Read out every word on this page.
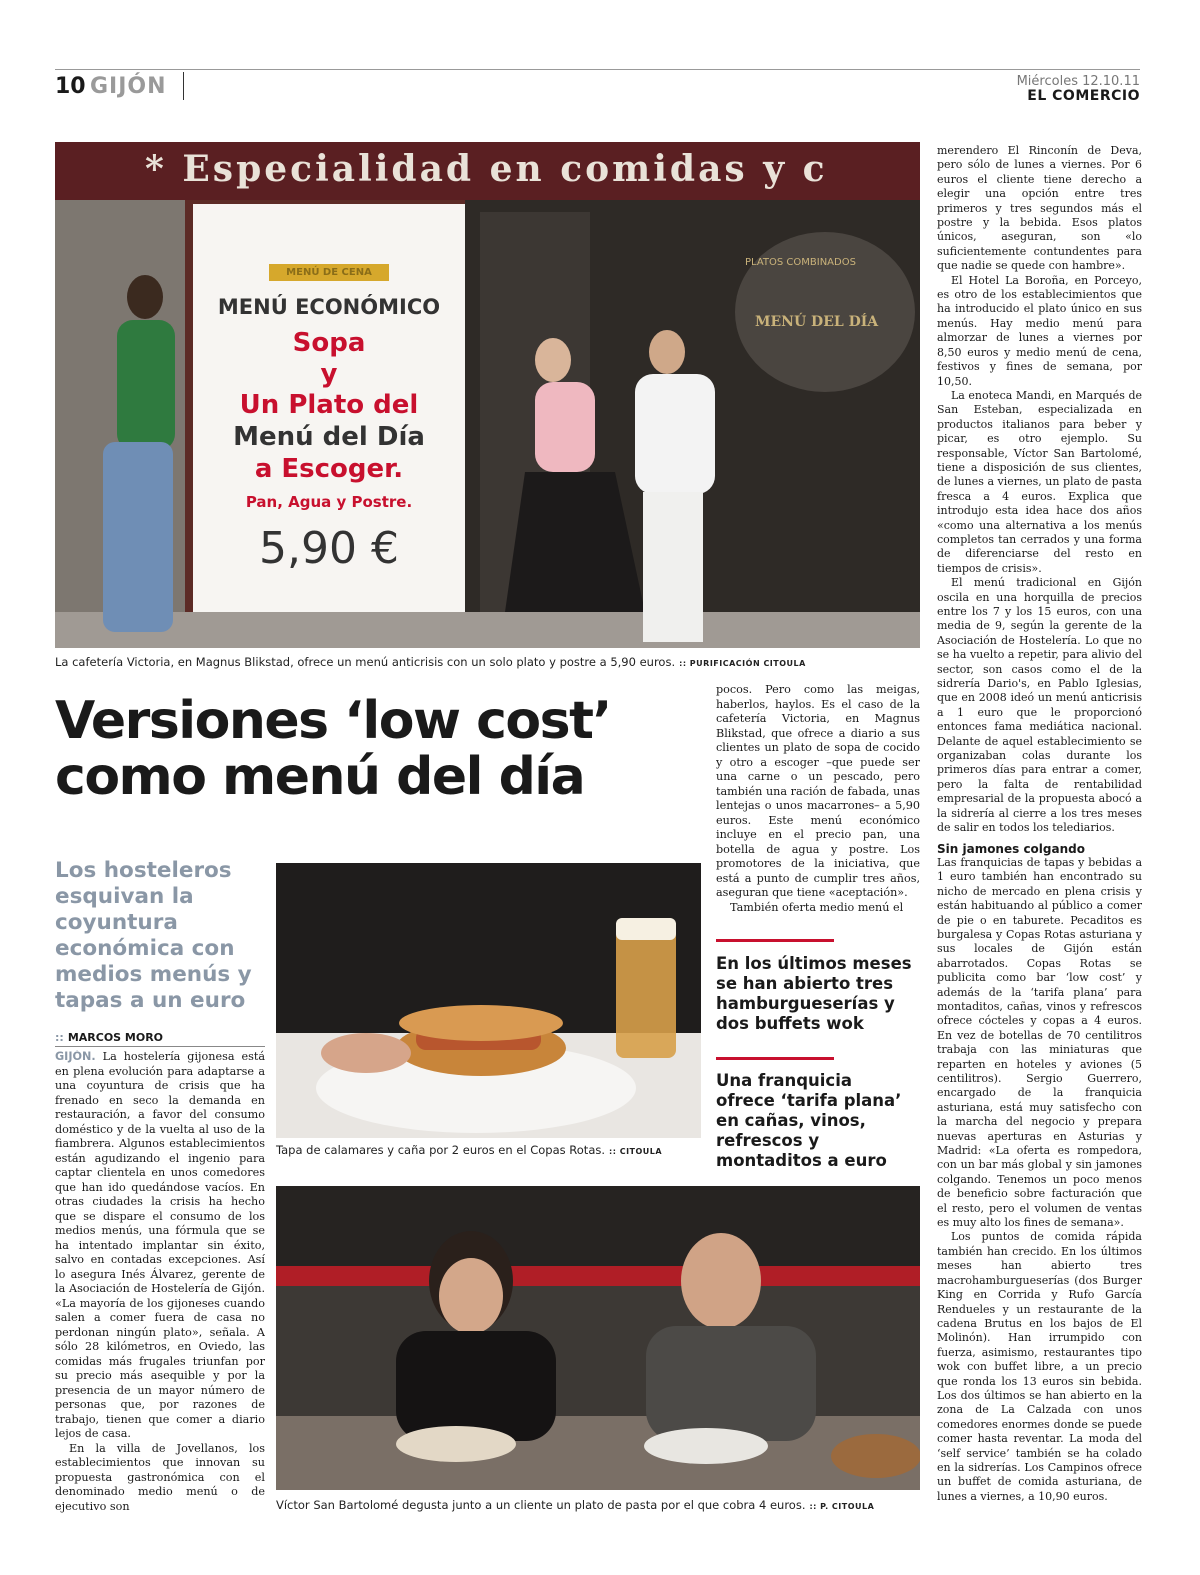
10 GIJÓN	Miércoles 12.10.11
EL COMERCIO
* Especialidad en comidas y c
MENÚ DE CENA
MENÚ ECONÓMICO
Sopa
y
Un Plato del
Menú del Día
a Escoger.
Pan, Agua y Postre.
5,90 €
PLATOS COMBINADOS
MENÚ DEL DÍA
La cafetería Victoria, en Magnus Blikstad, ofrece un menú anticrisis con un solo plato y postre a 5,90 euros. :: PURIFICACIÓN CITOULA
Versiones ‘low cost’ como menú del día
Los hosteleros esquivan la coyuntura económica con medios menús y tapas a un euro
:: MARCOS MORO

GIJÓN. La hostelería gijonesa está en plena evolución para adaptarse a una coyuntura de crisis que ha frenado en seco la demanda en restauración, a favor del consumo doméstico y de la vuelta al uso de la fiambrera. Algunos establecimientos están agudizando el ingenio para captar clientela en unos comedores que han ido quedándose vacíos. En otras ciudades la crisis ha hecho que se dispare el consumo de los medios menús, una fórmula que se ha intentado implantar sin éxito, salvo en contadas excepciones. Así lo asegura Inés Álvarez, gerente de la Asociación de Hostelería de Gijón. «La mayoría de los gijoneses cuando salen a comer fuera de casa no perdonan ningún plato», señala. A sólo 28 kilómetros, en Oviedo, las comidas más frugales triunfan por su precio más asequible y por la presencia de un mayor número de personas que, por razones de trabajo, tienen que comer a diario lejos de casa.

En la villa de Jovellanos, los establecimientos que innovan su propuesta gastronómica con el denominado medio menú o de ejecutivo son

Tapa de calamares y caña por 2 euros en el Copas Rotas. :: CITOULA

pocos. Pero como las meigas, haberlos, haylos. Es el caso de la cafetería Victoria, en Magnus Blikstad, que ofrece a diario a sus clientes un plato de sopa de cocido y otro a escoger –que puede ser una carne o un pescado, pero también una ración de fabada, unas lentejas o unos macarrones– a 5,90 euros. Este menú económico incluye en el precio pan, una botella de agua y postre. Los promotores de la iniciativa, que está a punto de cumplir tres años, aseguran que tiene «aceptación».

También oferta medio menú el

En los últimos meses se han abierto tres hamburgueserías y dos buffets wok
Una franquicia ofrece ‘tarifa plana’ en cañas, vinos, refrescos y montaditos a euro
Víctor San Bartolomé degusta junto a un cliente un plato de pasta por el que cobra 4 euros. :: P. CITOULA

merendero El Rinconín de Deva, pero sólo de lunes a viernes. Por 6 euros el cliente tiene derecho a elegir una opción entre tres primeros y tres segundos más el postre y la bebida. Esos platos únicos, aseguran, son «lo suficientemente contundentes para que nadie se quede con hambre».

El Hotel La Boroña, en Porceyo, es otro de los establecimientos que ha introducido el plato único en sus menús. Hay medio menú para almorzar de lunes a viernes por 8,50 euros y medio menú de cena, festivos y fines de semana, por 10,50.

La enoteca Mandi, en Marqués de San Esteban, especializada en productos italianos para beber y picar, es otro ejemplo. Su responsable, Víctor San Bartolomé, tiene a disposición de sus clientes, de lunes a viernes, un plato de pasta fresca a 4 euros. Explica que introdujo esta idea hace dos años «como una alternativa a los menús completos tan cerrados y una forma de diferenciarse del resto en tiempos de crisis».

El menú tradicional en Gijón oscila en una horquilla de precios entre los 7 y los 15 euros, con una media de 9, según la gerente de la Asociación de Hostelería. Lo que no se ha vuelto a repetir, para alivio del sector, son casos como el de la sidrería Dario's, en Pablo Iglesias, que en 2008 ideó un menú anticrisis a 1 euro que le proporcionó entonces fama mediática nacional. Delante de aquel establecimiento se organizaban colas durante los primeros días para entrar a comer, pero la falta de rentabilidad empresarial de la propuesta abocó a la sidrería al cierre a los tres meses de salir en todos los telediarios.

Sin jamones colgando

Las franquicias de tapas y bebidas a 1 euro también han encontrado su nicho de mercado en plena crisis y están habituando al público a comer de pie o en taburete. Pecaditos es burgalesa y Copas Rotas asturiana y sus locales de Gijón están abarrotados. Copas Rotas se publicita como bar ‘low cost’ y además de la ‘tarifa plana’ para montaditos, cañas, vinos y refrescos ofrece cócteles y copas a 4 euros. En vez de botellas de 70 centilitros trabaja con las miniaturas que reparten en hoteles y aviones (5 centilitros). Sergio Guerrero, encargado de la franquicia asturiana, está muy satisfecho con la marcha del negocio y prepara nuevas aperturas en Asturias y Madrid: «La oferta es rompedora, con un bar más global y sin jamones colgando. Tenemos un poco menos de beneficio sobre facturación que el resto, pero el volumen de ventas es muy alto los fines de semana».

Los puntos de comida rápida también han crecido. En los últimos meses han abierto tres macrohamburgueserías (dos Burger King en Corrida y Rufo García Rendueles y un restaurante de la cadena Brutus en los bajos de El Molinón). Han irrumpido con fuerza, asimismo, restaurantes tipo wok con buffet libre, a un precio que ronda los 13 euros sin bebida. Los dos últimos se han abierto en la zona de La Calzada con unos comedores enormes donde se puede comer hasta reventar. La moda del ‘self service’ también se ha colado en la sidrerías. Los Campinos ofrece un buffet de comida asturiana, de lunes a viernes, a 10,90 euros.
